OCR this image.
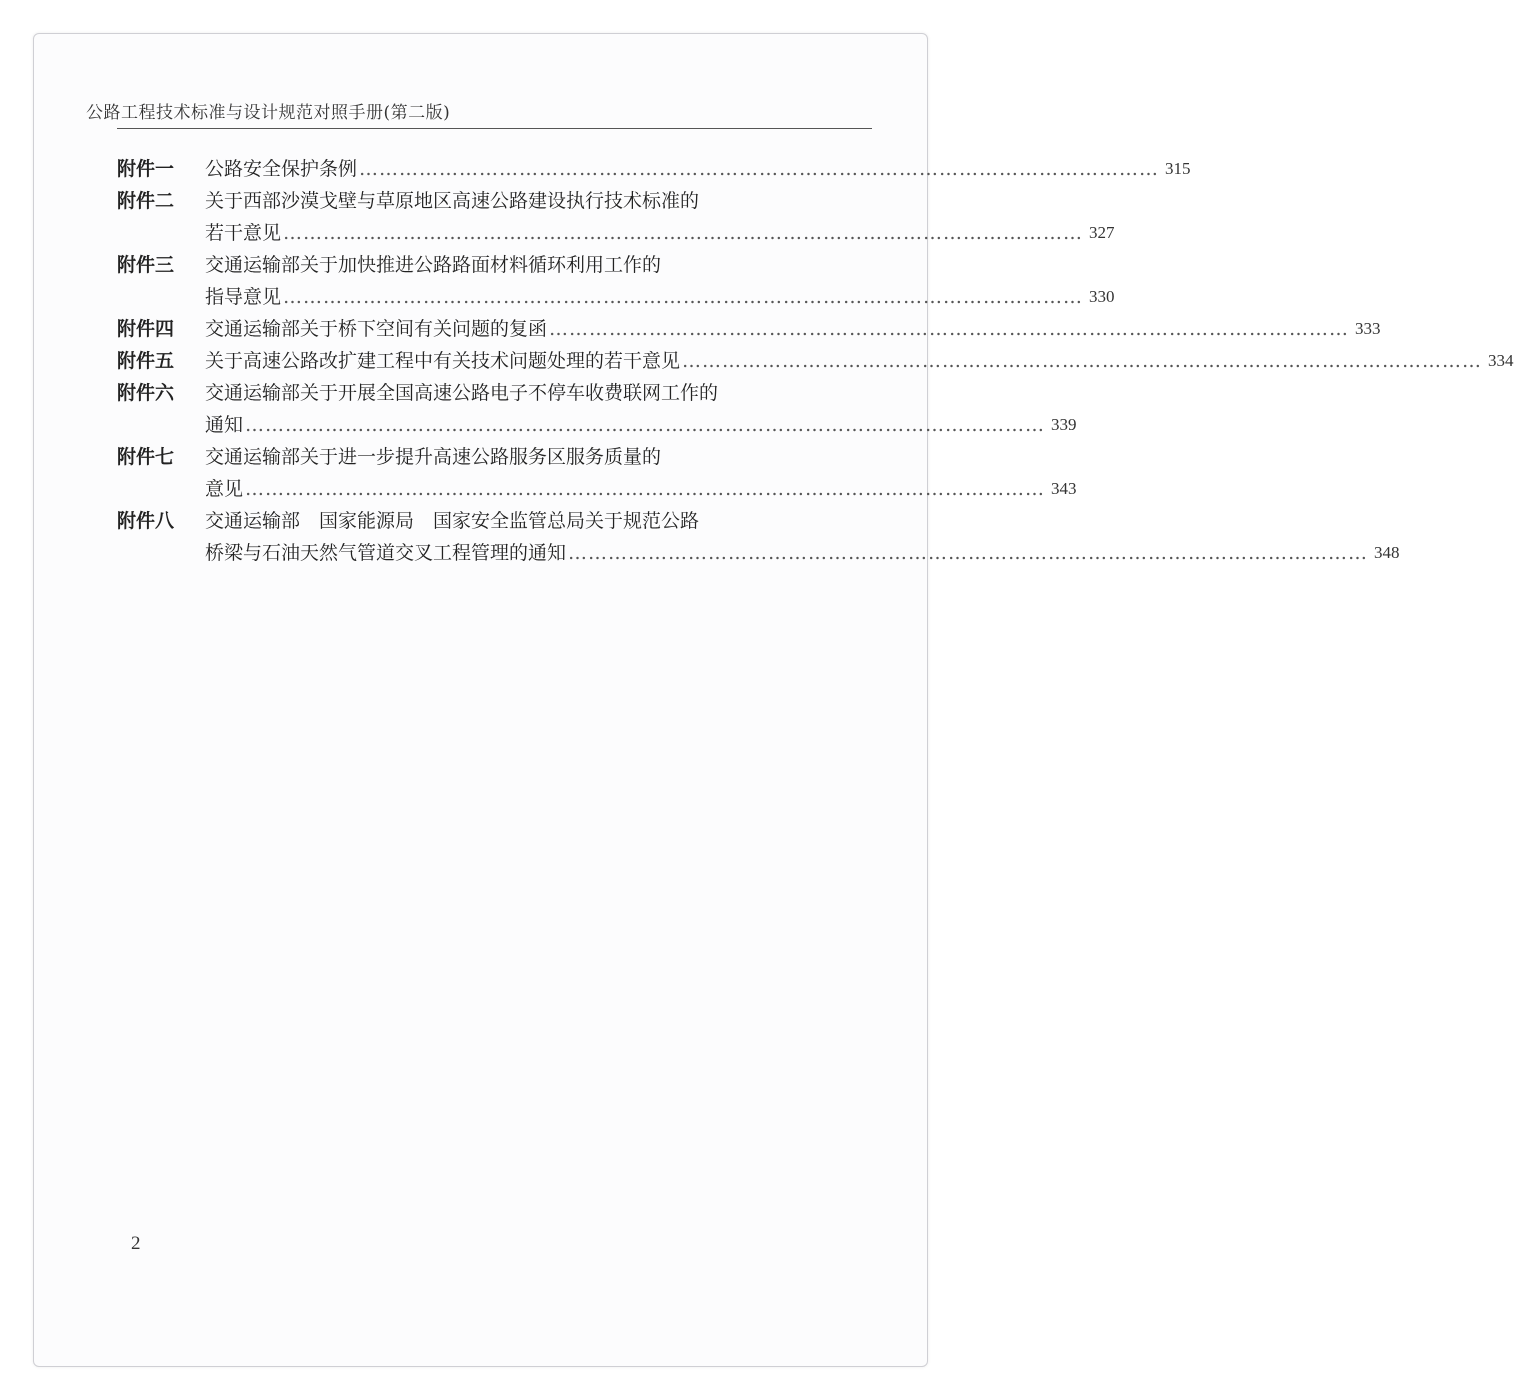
公路工程技术标准与设计规范对照手册(第二版)
附件一	公路安全保护条例 ………………………………………………………………………………………………………… 315
附件二	关于西部沙漠戈壁与草原地区高速公路建设执行技术标准的
若干意见 ………………………………………………………………………………………………………… 327
附件三	交通运输部关于加快推进公路路面材料循环利用工作的
指导意见 ………………………………………………………………………………………………………… 330
附件四	交通运输部关于桥下空间有关问题的复函 ………………………………………………………………………………………………………… 333
附件五	关于高速公路改扩建工程中有关技术问题处理的若干意见 ………………………………………………………………………………………………………… 334
附件六	交通运输部关于开展全国高速公路电子不停车收费联网工作的
通知 ………………………………………………………………………………………………………… 339
附件七	交通运输部关于进一步提升高速公路服务区服务质量的
意见 ………………………………………………………………………………………………………… 343
附件八	交通运输部　国家能源局　国家安全监管总局关于规范公路
桥梁与石油天然气管道交叉工程管理的通知 ………………………………………………………………………………………………………… 348
2
